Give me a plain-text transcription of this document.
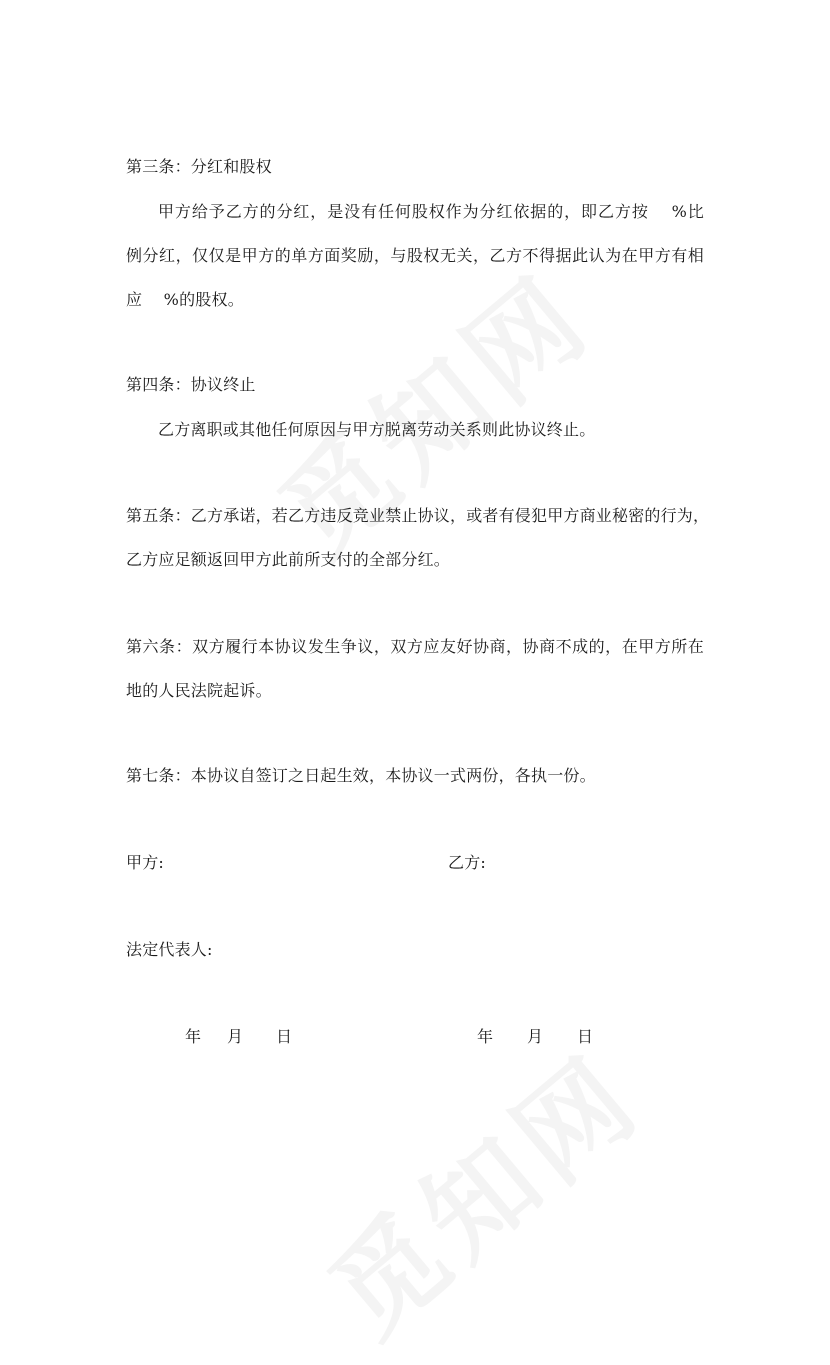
第三条：分红和股权
甲方给予乙方的分红，是没有任何股权作为分红依据的，即乙方按　 %比
例分红，仅仅是甲方的单方面奖励，与股权无关，乙方不得据此认为在甲方有相
应　 %的股权。
第四条：协议终止
乙方离职或其他任何原因与甲方脱离劳动关系则此协议终止。
第五条：乙方承诺，若乙方违反竞业禁止协议，或者有侵犯甲方商业秘密的行为，
乙方应足额返回甲方此前所支付的全部分红。
第六条：双方履行本协议发生争议，双方应友好协商，协商不成的，在甲方所在
地的人民法院起诉。
第七条：本协议自签订之日起生效，本协议一式两份，各执一份。
甲方:	乙方:
法定代表人:
年 月 日	年 月 日
